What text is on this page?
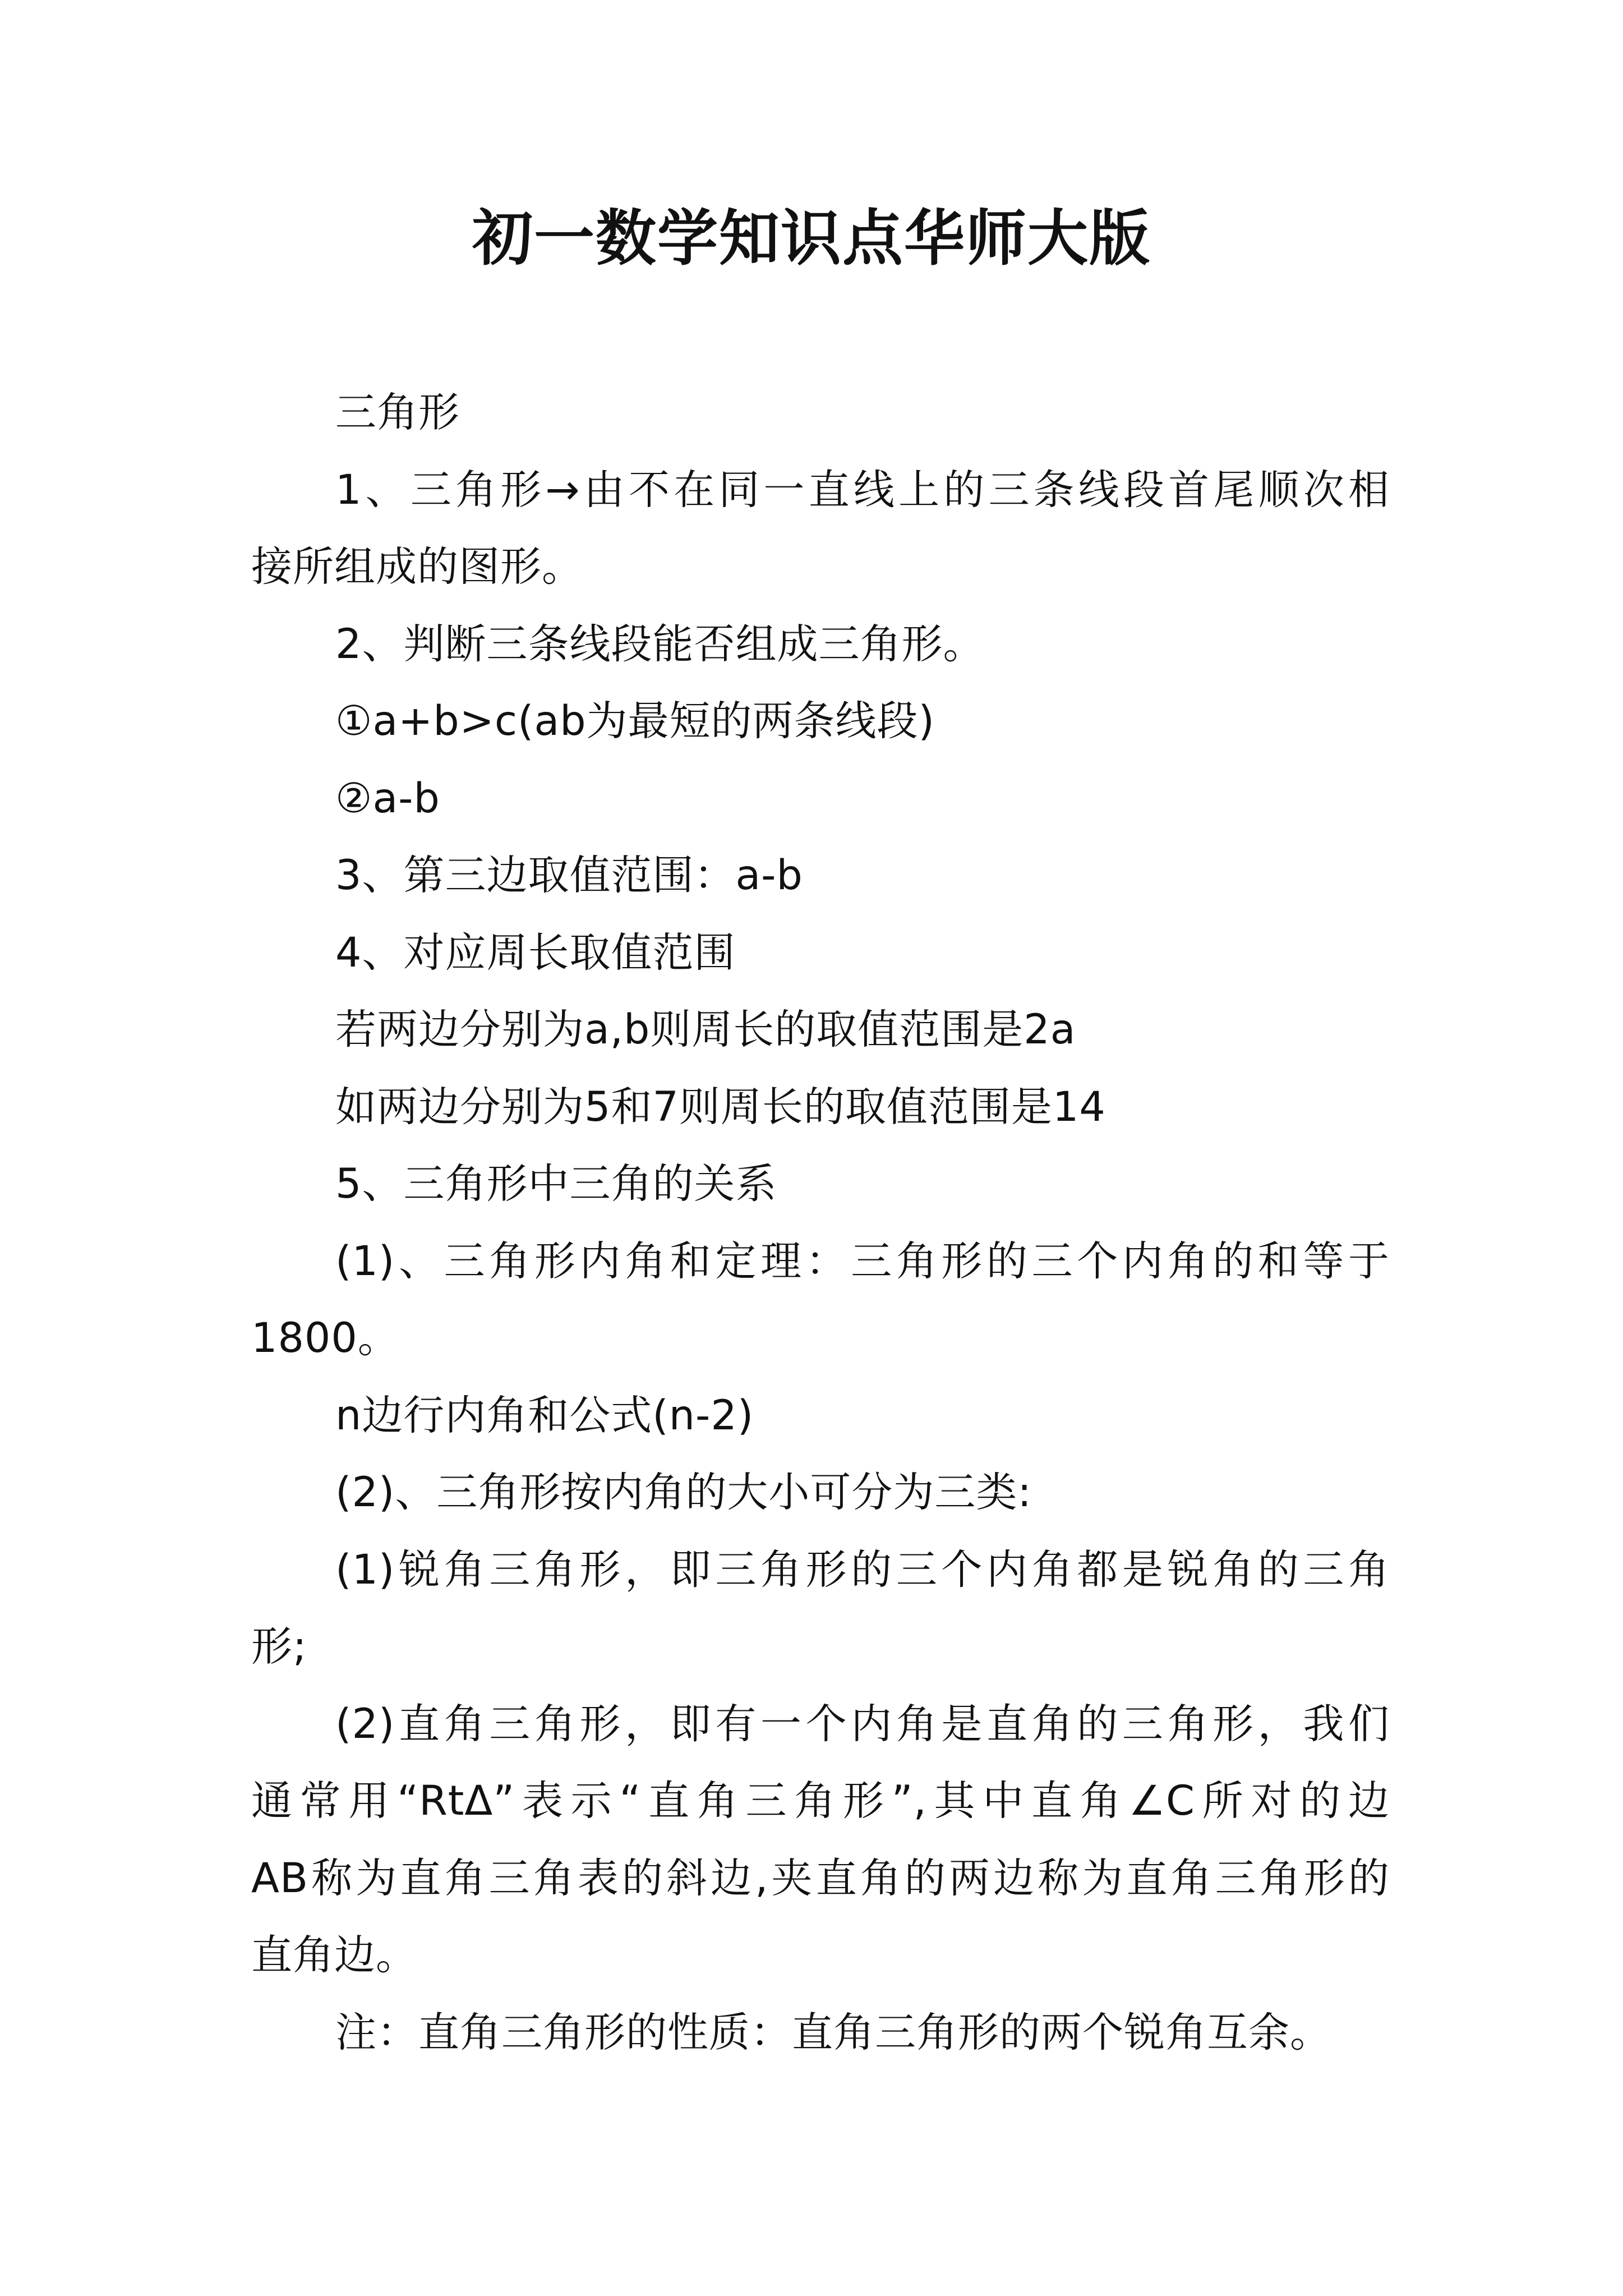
初一数学知识点华师大版
三角形
1、三角形→由不在同一直线上的三条线段首尾顺次相
接所组成的图形。
2、判断三条线段能否组成三角形。
①a+b>c(ab为最短的两条线段)
②a-b
3、第三边取值范围：a-b
4、对应周长取值范围
若两边分别为a,b则周长的取值范围是2a
如两边分别为5和7则周长的取值范围是14
5、三角形中三角的关系
(1)、三角形内角和定理：三角形的三个内角的和等于
1800。
n边行内角和公式(n-2)
(2)、三角形按内角的大小可分为三类:
(1)锐角三角形，即三角形的三个内角都是锐角的三角
形;
(2)直角三角形，即有一个内角是直角的三角形，我们
通常用“RtΔ”表示“直角三角形”,其中直角∠C所对的边
AB称为直角三角表的斜边,夹直角的两边称为直角三角形的
直角边。
注：直角三角形的性质：直角三角形的两个锐角互余。
